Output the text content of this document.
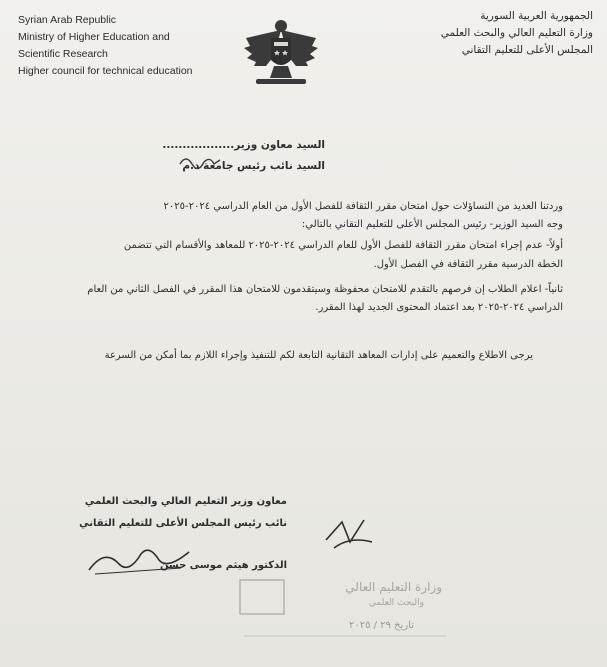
Syrian Arab Republic
Ministry of Higher Education and
Scientific Research
Higher council for technical education
الجمهورية العربية السورية
وزارة التعليم العالي والبحث العلمي
المجلس الأعلى للتعليم التقاني
السيد معاون وزير..................
السيد نائب رئيس جامعة د.م
وردتنا العديد من التساؤلات حول امتحان مقرر الثقافة للفصل الأول من العام الدراسي ٢٠٢٤-٢٠٢٥
وجه السيد الوزير- رئيس المجلس الأعلى للتعليم التقاني بالتالي:
أولاً- عدم إجراء امتحان مقرر الثقافة للفصل الأول للعام الدراسي ٢٠٢٤-٢٠٢٥ للمعاهد والأقسام التي تتضمن
الخطة الدرسية مقرر الثقافة في الفصل الأول.
ثانياً- اعلام الطلاب إن فرصهم بالتقدم للامتحان محفوظة وسيتقدمون للامتحان هذا المقرر في الفصل الثاني من العام
الدراسي ٢٠٢٤-٢٠٢٥ بعد اعتماد المحتوى الجديد لهذا المقرر.
يرجى الاطلاع والتعميم على إدارات المعاهد التقانية التابعة لكم للتنفيذ وإجراء اللازم بما أمكن من السرعة
معاون وزير التعليم العالي والبحث العلمي
نائب رئيس المجلس الأعلى للتعليم التقاني
الدكتور هيثم موسى حسن
وزارة التعليم العالي
والبحث العلمي
تاريخ ٢٩ / ٢٠٢٥
